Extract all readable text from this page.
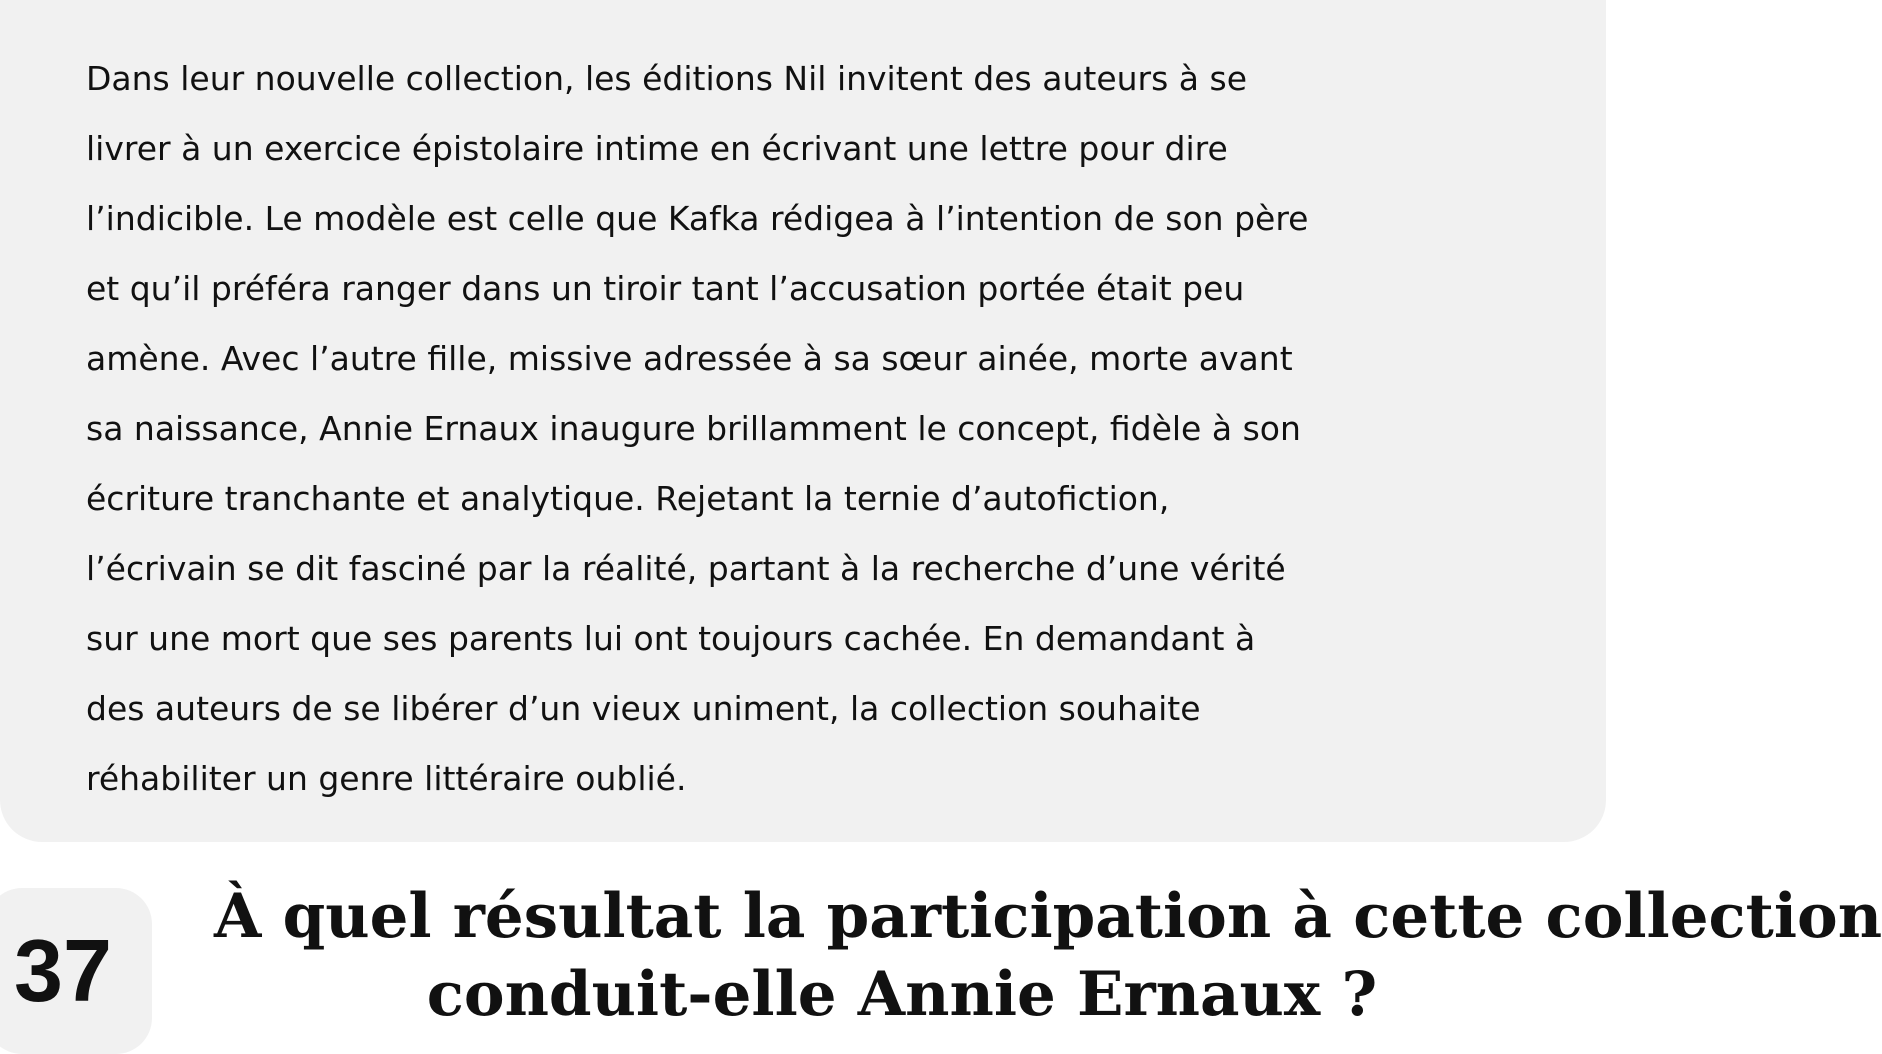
Dans leur nouvelle collection, les éditions Nil invitent des auteurs à se
livrer à un exercice épistolaire intime en écrivant une lettre pour dire
l’indicible. Le modèle est celle que Kafka rédigea à l’intention de son père
et qu’il préféra ranger dans un tiroir tant l’accusation portée était peu
amène. Avec l’autre fille, missive adressée à sa sœur ainée, morte avant
sa naissance, Annie Ernaux inaugure brillamment le concept, fidèle à son
écriture tranchante et analytique. Rejetant la ternie d’autofiction,
l’écrivain se dit fasciné par la réalité, partant à la recherche d’une vérité
sur une mort que ses parents lui ont toujours cachée. En demandant à
des auteurs de se libérer d’un vieux uniment, la collection souhaite
réhabiliter un genre littéraire oublié.

37
À quel résultat la participation à cette collection
conduit-elle Annie Ernaux ?
